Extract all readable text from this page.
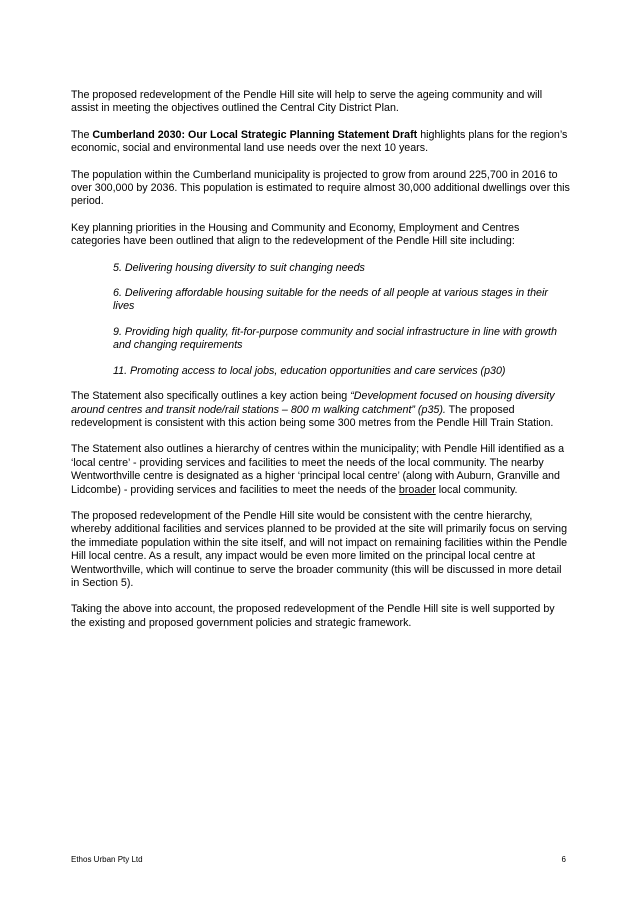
The proposed redevelopment of the Pendle Hill site will help to serve the ageing community and will assist in meeting the objectives outlined the Central City District Plan.

The Cumberland 2030: Our Local Strategic Planning Statement Draft highlights plans for the region’s economic, social and environmental land use needs over the next 10 years.

The population within the Cumberland municipality is projected to grow from around 225,700 in 2016 to over 300,000 by 2036. This population is estimated to require almost 30,000 additional dwellings over this period.

Key planning priorities in the Housing and Community and Economy, Employment and Centres categories have been outlined that align to the redevelopment of the Pendle Hill site including:

5. Delivering housing diversity to suit changing needs

6. Delivering affordable housing suitable for the needs of all people at various stages in their lives

9. Providing high quality, fit-for-purpose community and social infrastructure in line with growth and changing requirements

11. Promoting access to local jobs, education opportunities and care services (p30)

The Statement also specifically outlines a key action being “Development focused on housing diversity around centres and transit node/rail stations – 800 m walking catchment” (p35). The proposed redevelopment is consistent with this action being some 300 metres from the Pendle Hill Train Station.

The Statement also outlines a hierarchy of centres within the municipality; with Pendle Hill identified as a ‘local centre’ - providing services and facilities to meet the needs of the local community. The nearby Wentworthville centre is designated as a higher ‘principal local centre’ (along with Auburn, Granville and Lidcombe) - providing services and facilities to meet the needs of the broader local community.

The proposed redevelopment of the Pendle Hill site would be consistent with the centre hierarchy, whereby additional facilities and services planned to be provided at the site will primarily focus on serving the immediate population within the site itself, and will not impact on remaining facilities within the Pendle Hill local centre. As a result, any impact would be even more limited on the principal local centre at Wentworthville, which will continue to serve the broader community (this will be discussed in more detail in Section 5).

Taking the above into account, the proposed redevelopment of the Pendle Hill site is well supported by the existing and proposed government policies and strategic framework.

Ethos Urban Pty Ltd	6
